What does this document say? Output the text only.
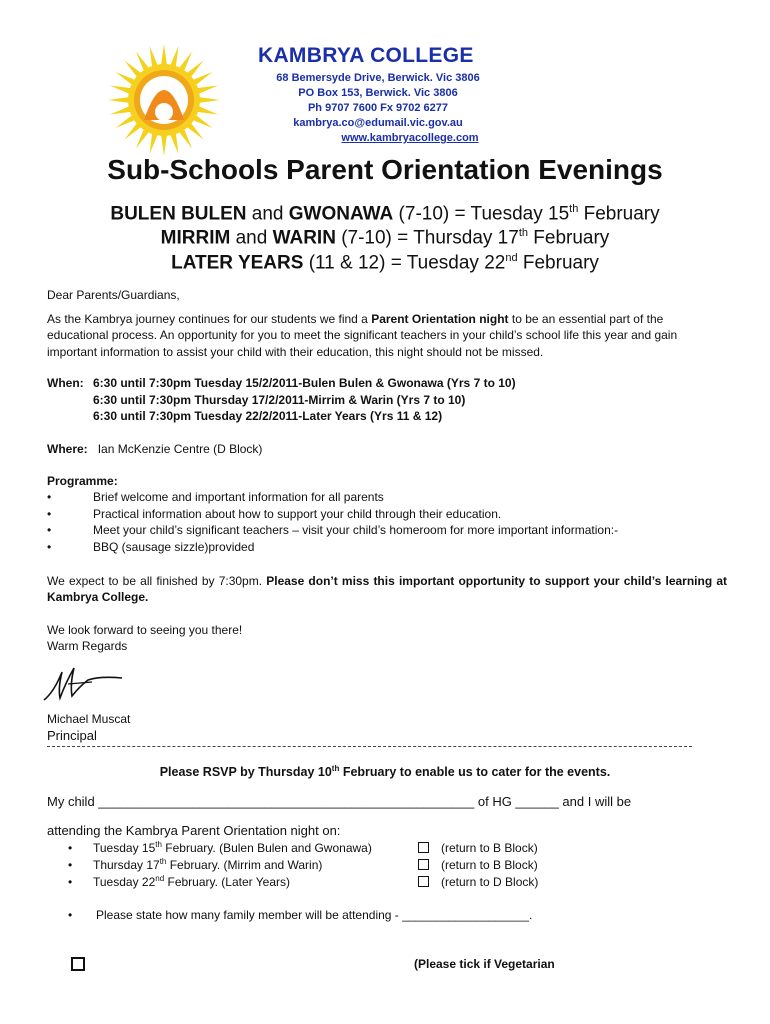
KAMBRYA COLLEGE
68 Bemersyde Drive, Berwick. Vic 3806
PO Box 153, Berwick. Vic 3806
Ph 9707 7600 Fx 9702 6277
kambrya.co@edumail.vic.gov.au
www.kambryacollege.com
Sub-Schools Parent Orientation Evenings
BULEN BULEN and GWONAWA (7-10) = Tuesday 15th February
MIRRIM and WARIN (7-10) = Thursday 17th February
LATER YEARS (11 & 12) = Tuesday 22nd February
Dear Parents/Guardians,
As the Kambrya journey continues for our students we find a Parent Orientation night to be an essential part of the educational process. An opportunity for you to meet the significant teachers in your child’s school life this year and gain important information to assist your child with their education, this night should not be missed.
When: 6:30 until 7:30pm Tuesday 15/2/2011-Bulen Bulen & Gwonawa (Yrs 7 to 10)
6:30 until 7:30pm Thursday 17/2/2011-Mirrim & Warin (Yrs 7 to 10)
6:30 until 7:30pm Tuesday 22/2/2011-Later Years (Yrs 11 & 12)
Where: Ian McKenzie Centre (D Block)
Programme:
•	Brief welcome and important information for all parents
•	Practical information about how to support your child through their education.
•	Meet your child’s significant teachers – visit your child’s homeroom for more important information:-
•	BBQ (sausage sizzle)provided
We expect to be all finished by 7:30pm. Please don’t miss this important opportunity to support your child’s learning at Kambrya College.
We look forward to seeing you there!
Warm Regards
Michael Muscat
Principal
Please RSVP by Thursday 10th February to enable us to cater for the events.
My child ____________________________________________________ of HG ______ and I will be
attending the Kambrya Parent Orientation night on:
•	Tuesday 15th February. (Bulen Bulen and Gwonawa)	(return to B Block)
•	Thursday 17th February. (Mirrim and Warin)	(return to B Block)
•	Tuesday 22nd February. (Later Years)	(return to D Block)
•	Please state how many family member will be attending - ___________________.
(Please tick if Vegetarian
